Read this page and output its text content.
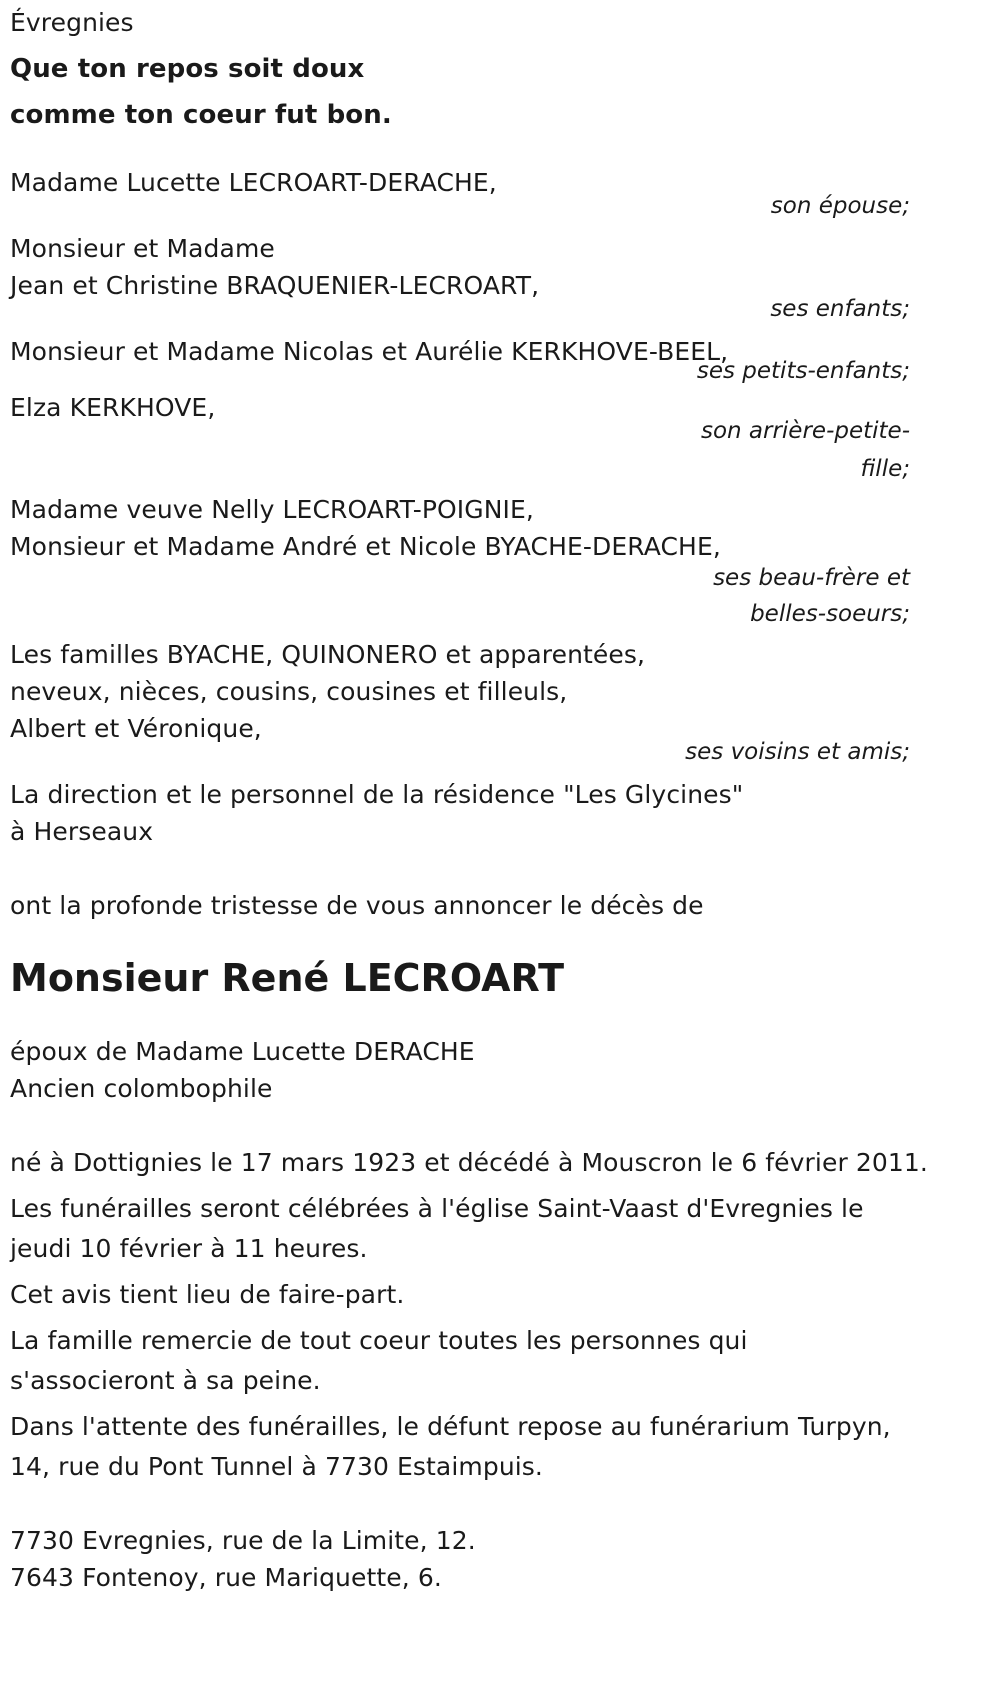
Évregnies
Que ton repos soit doux
comme ton coeur fut bon.
Madame Lucette LECROART-DERACHE,
son épouse;
Monsieur et Madame
Jean et Christine BRAQUENIER-LECROART,
ses enfants;
Monsieur et Madame Nicolas et Aurélie KERKHOVE-BEEL,
ses petits-enfants;
Elza KERKHOVE,
son arrière-petite-
fille;
Madame veuve Nelly LECROART-POIGNIE,
Monsieur et Madame André et Nicole BYACHE-DERACHE,
ses beau-frère et
belles-soeurs;
Les familles BYACHE, QUINONERO et apparentées,
neveux, nièces, cousins, cousines et filleuls,
Albert et Véronique,
ses voisins et amis;
La direction et le personnel de la résidence "Les Glycines"
à Herseaux
ont la profonde tristesse de vous annoncer le décès de
Monsieur René LECROART
époux de Madame Lucette DERACHE
Ancien colombophile
né à Dottignies le 17 mars 1923 et décédé à Mouscron le 6 février 2011.
Les funérailles seront célébrées à l'église Saint-Vaast d'Evregnies le jeudi 10 février à 11 heures.
Cet avis tient lieu de faire-part.
La famille remercie de tout coeur toutes les personnes qui s'associeront à sa peine.
Dans l'attente des funérailles, le défunt repose au funérarium Turpyn, 14, rue du Pont Tunnel à 7730 Estaimpuis.
7730 Evregnies, rue de la Limite, 12.
7643 Fontenoy, rue Mariquette, 6.
